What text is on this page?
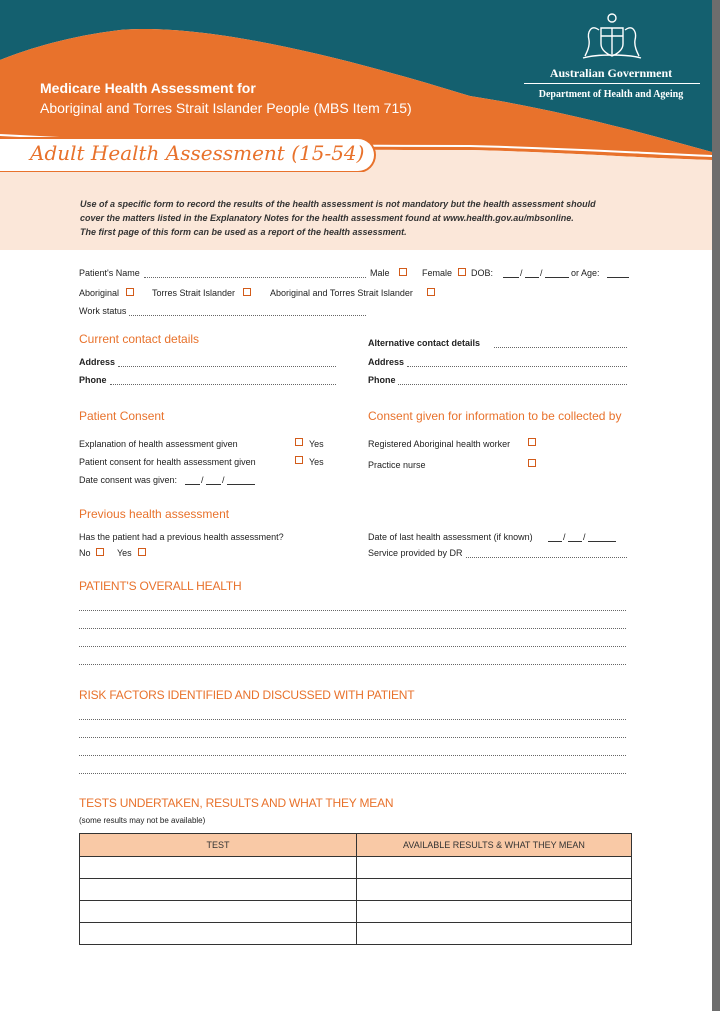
Medicare Health Assessment for
Aboriginal and Torres Strait Islander People (MBS Item 715)
Australian Government
Department of Health and Ageing
Adult Health Assessment (15-54)
Use of a specific form to record the results of the health assessment is not mandatory but the health assessment should
cover the matters listed in the Explanatory Notes for the health assessment found at www.health.gov.au/mbsonline.
The first page of this form can be used as a report of the health assessment.
Patient's Name	Male	Female DOB:	/ /	or Age:
Aboriginal	Torres Strait Islander	Aboriginal and Torres Strait Islander
Work status
Current contact details	Alternative contact details
Address	Address
Phone	Phone
Patient Consent	Consent given for information to be collected by
Explanation of health assessment given	Yes	Registered Aboriginal health worker
Patient consent for health assessment given	Yes	Practice nurse
Date consent was given:	/ /
Previous health assessment
Has the patient had a previous health assessment?
No	Yes
Date of last health assessment (if known)	/ /
Service provided by DR
PATIENT'S OVERALL HEALTH
RISK FACTORS IDENTIFIED AND DISCUSSED WITH PATIENT
TESTS UNDERTAKEN, RESULTS AND WHAT THEY MEAN
(some results may not be available)
TEST	AVAILABLE RESULTS & WHAT THEY MEAN
